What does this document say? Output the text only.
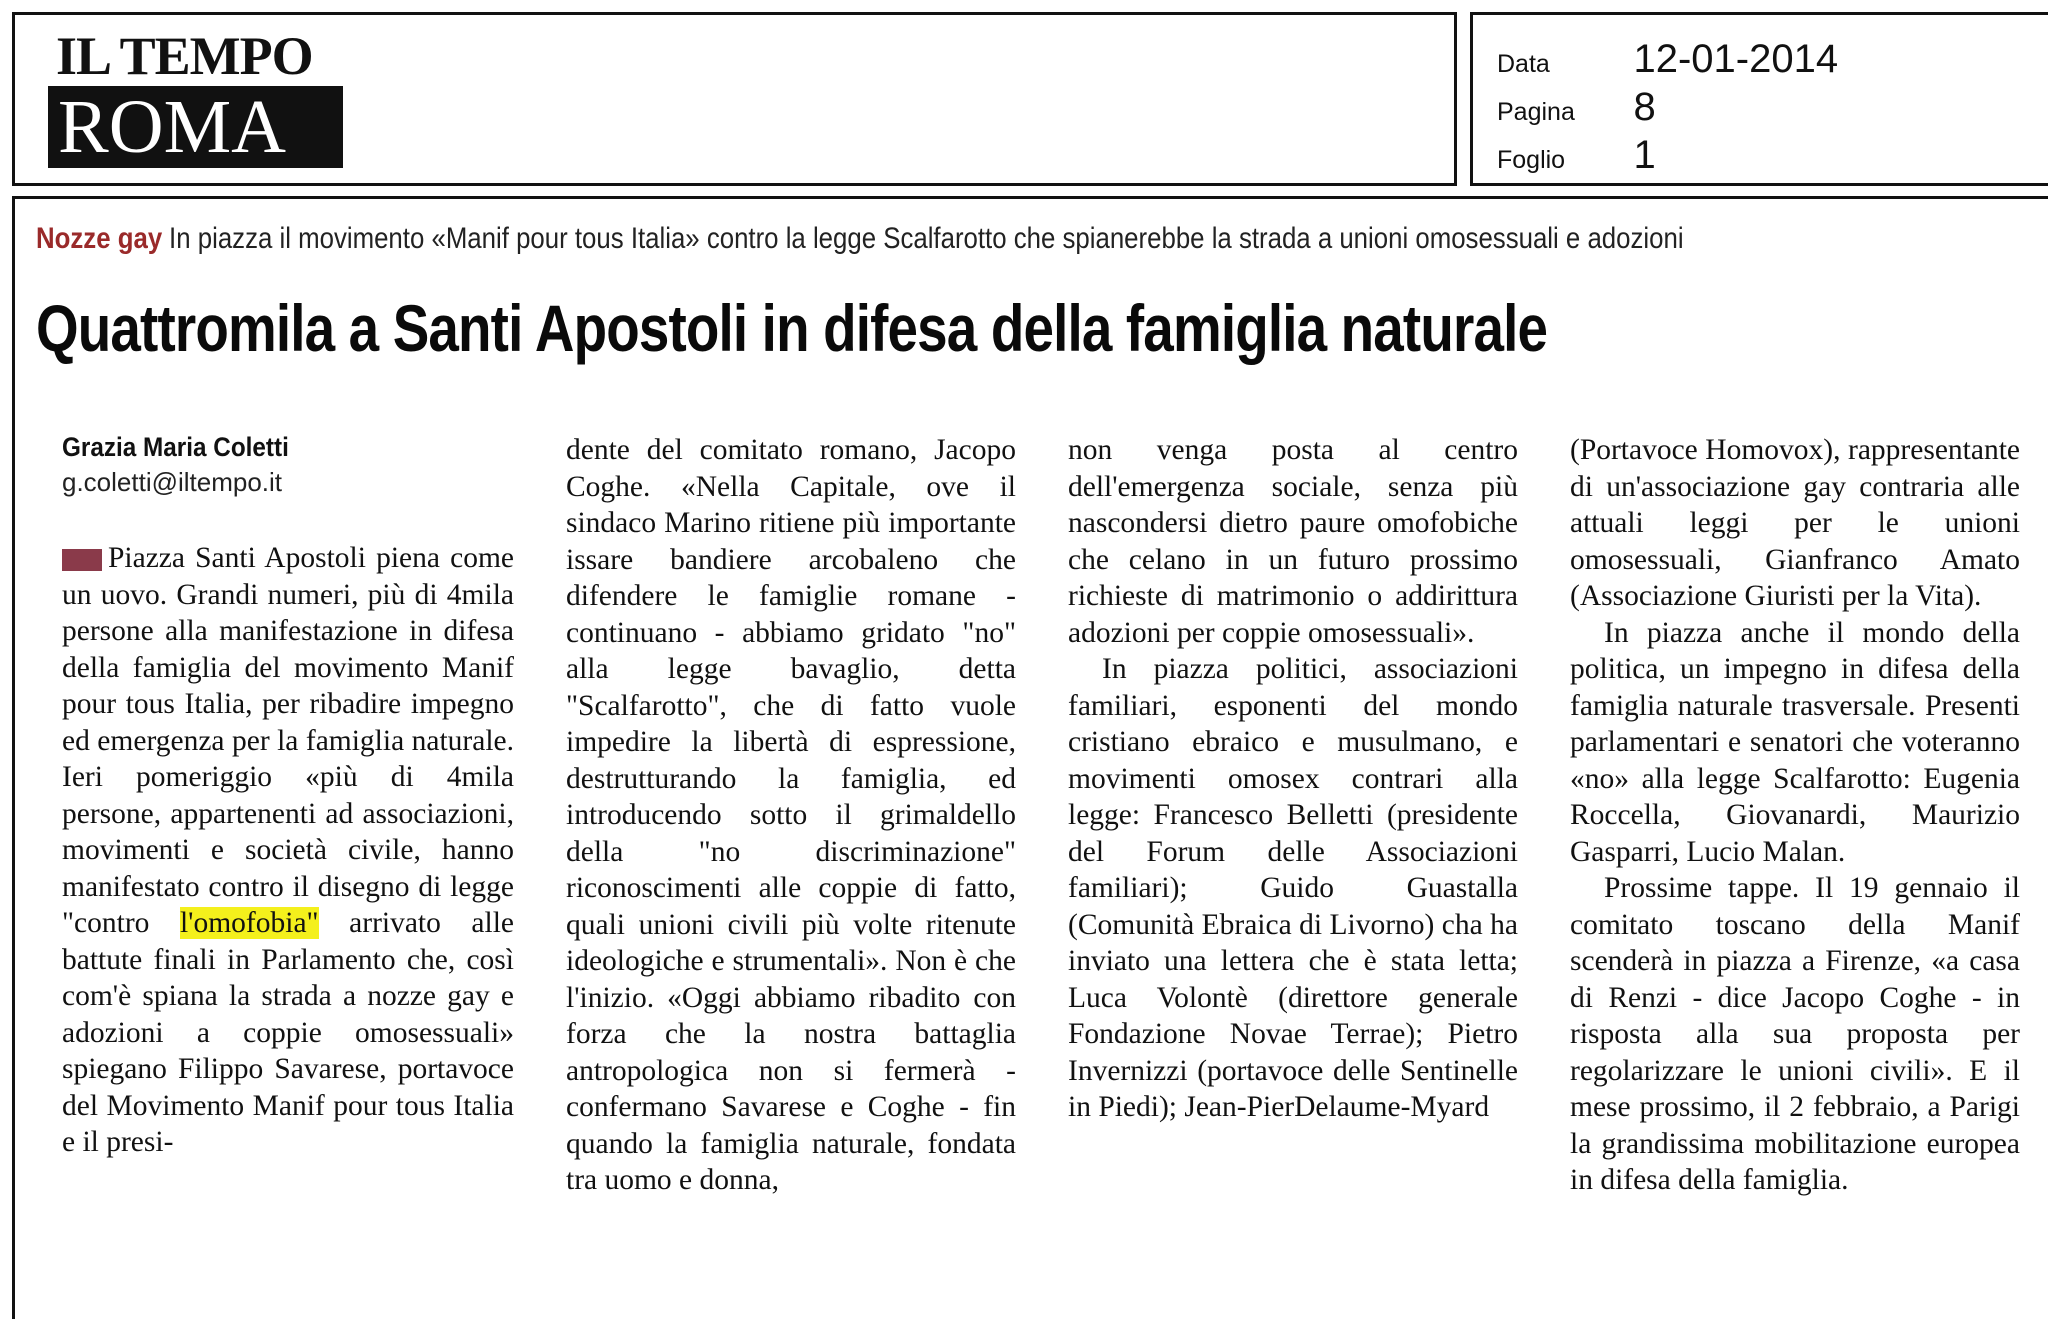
IL TEMPO
ROMA
Data 12-01-2014
Pagina 8
Foglio 1
Nozze gay In piazza il movimento «Manif pour tous Italia» contro la legge Scalfarotto che spianerebbe la strada a unioni omosessuali e adozioni
Quattromila a Santi Apostoli in difesa della famiglia naturale
Grazia Maria Coletti
g.coletti@iltempo.it

Piazza Santi Apostoli piena come un uovo. Grandi numeri, più di 4mila persone alla manifestazione in difesa della famiglia del movimento Manif pour tous Italia, per ribadire impegno ed emergenza per la famiglia naturale. Ieri pomeriggio «più di 4mila persone, appartenenti ad associazioni, movimenti e società civile, hanno manifestato contro il disegno di legge "contro l'omofobia" arrivato alle battute finali in Parlamento che, così com'è spiana la strada a nozze gay e adozioni a coppie omosessuali» spiegano Filippo Savarese, portavoce del Movimento Manif pour tous Italia e il presi-

dente del comitato romano, Jacopo Coghe. «Nella Capitale, ove il sindaco Marino ritiene più importante issare bandiere arcobaleno che difendere le famiglie romane - continuano - abbiamo gridato "no" alla legge bavaglio, detta "Scalfarotto", che di fatto vuole impedire la libertà di espressione, destrutturando la famiglia, ed introducendo sotto il grimaldello della "no discriminazione" riconoscimenti alle coppie di fatto, quali unioni civili più volte ritenute ideologiche e strumentali». Non è che l'inizio. «Oggi abbiamo ribadito con forza che la nostra battaglia antropologica non si fermerà - confermano Savarese e Coghe - fin quando la famiglia naturale, fondata tra uomo e donna,

non venga posta al centro dell'emergenza sociale, senza più nascondersi dietro paure omofobiche che celano in un futuro prossimo richieste di matrimonio o addirittura adozioni per coppie omosessuali».

In piazza politici, associazioni familiari, esponenti del mondo cristiano ebraico e musulmano, e movimenti omosex contrari alla legge: Francesco Belletti (presidente del Forum delle Associazioni familiari); Guido Guastalla (Comunità Ebraica di Livorno) cha ha inviato una lettera che è stata letta; Luca Volontè (direttore generale Fondazione Novae Terrae); Pietro Invernizzi (portavoce delle Sentinelle in Piedi); Jean-PierDelaume-Myard

(Portavoce Homovox), rappresentante di un'associazione gay contraria alle attuali leggi per le unioni omosessuali, Gianfranco Amato (Associazione Giuristi per la Vita).

In piazza anche il mondo della politica, un impegno in difesa della famiglia naturale trasversale. Presenti parlamentari e senatori che voteranno «no» alla legge Scalfarotto: Eugenia Roccella, Giovanardi, Maurizio Gasparri, Lucio Malan.

Prossime tappe. Il 19 gennaio il comitato toscano della Manif scenderà in piazza a Firenze, «a casa di Renzi - dice Jacopo Coghe - in risposta alla sua proposta per regolarizzare le unioni civili». E il mese prossimo, il 2 febbraio, a Parigi la grandissima mobilitazione europea in difesa della famiglia.
